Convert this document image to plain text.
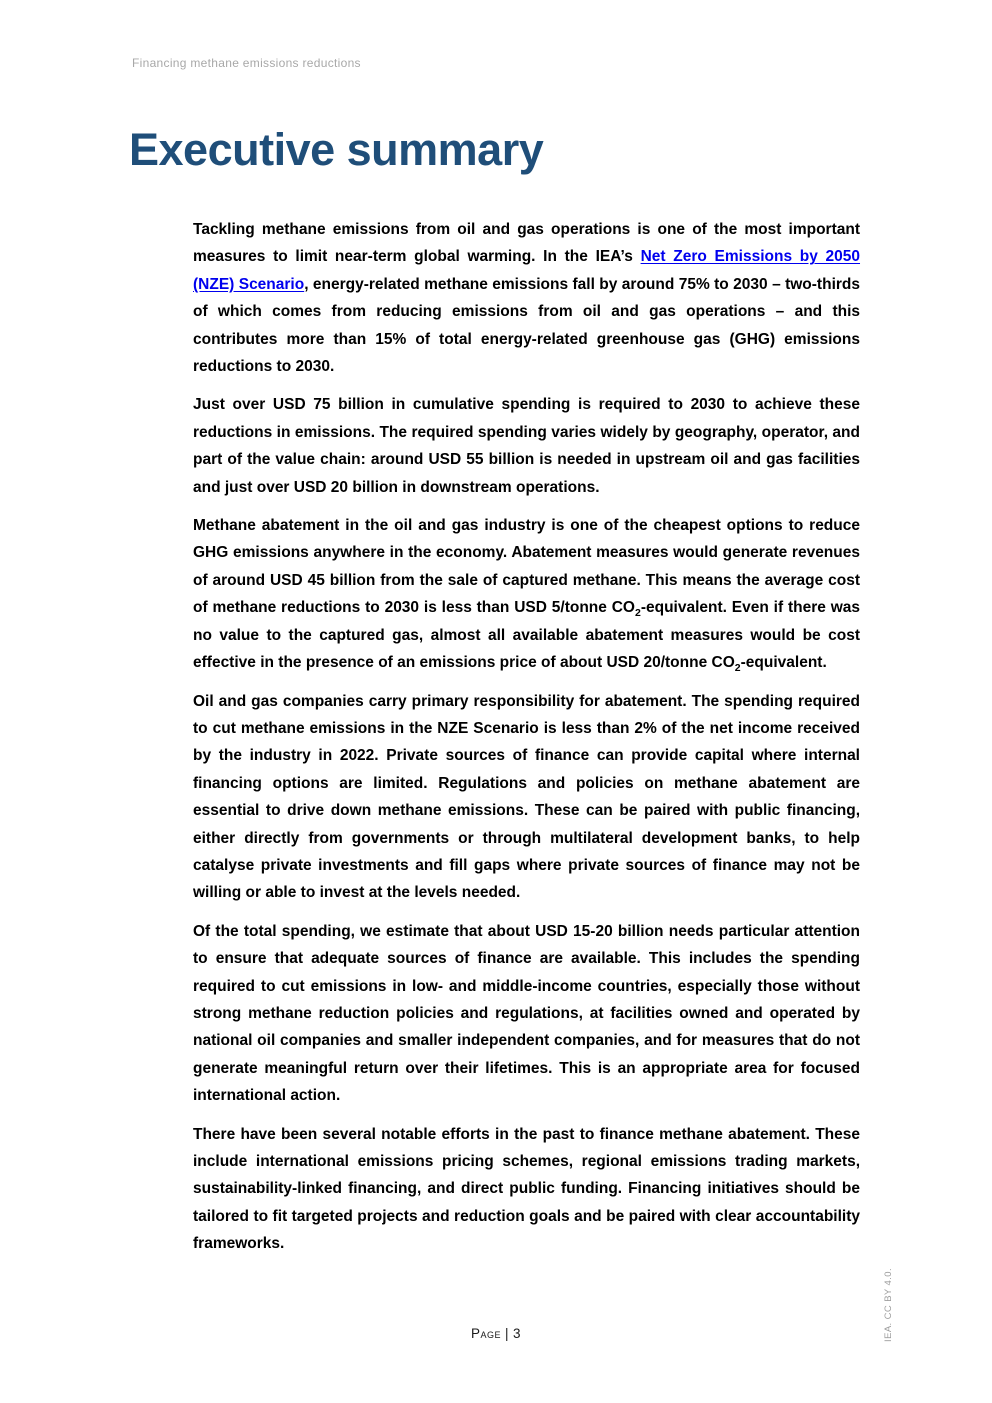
Financing methane emissions reductions
Executive summary

Tackling methane emissions from oil and gas operations is one of the most important measures to limit near-term global warming. In the IEA’s Net Zero Emissions by 2050 (NZE) Scenario, energy-related methane emissions fall by around 75% to 2030 – two-thirds of which comes from reducing emissions from oil and gas operations – and this contributes more than 15% of total energy-related greenhouse gas (GHG) emissions reductions to 2030.

Just over USD 75 billion in cumulative spending is required to 2030 to achieve these reductions in emissions. The required spending varies widely by geography, operator, and part of the value chain: around USD 55 billion is needed in upstream oil and gas facilities and just over USD 20 billion in downstream operations.

Methane abatement in the oil and gas industry is one of the cheapest options to reduce GHG emissions anywhere in the economy. Abatement measures would generate revenues of around USD 45 billion from the sale of captured methane. This means the average cost of methane reductions to 2030 is less than USD 5/tonne $CO_2$-equivalent. Even if there was no value to the captured gas, almost all available abatement measures would be cost effective in the presence of an emissions price of about USD 20/tonne $CO_2$-equivalent.

Oil and gas companies carry primary responsibility for abatement. The spending required to cut methane emissions in the NZE Scenario is less than 2% of the net income received by the industry in 2022. Private sources of finance can provide capital where internal financing options are limited. Regulations and policies on methane abatement are essential to drive down methane emissions. These can be paired with public financing, either directly from governments or through multilateral development banks, to help catalyse private investments and fill gaps where private sources of finance may not be willing or able to invest at the levels needed.

Of the total spending, we estimate that about USD 15-20 billion needs particular attention to ensure that adequate sources of finance are available. This includes the spending required to cut emissions in low- and middle-income countries, especially those without strong methane reduction policies and regulations, at facilities owned and operated by national oil companies and smaller independent companies, and for measures that do not generate meaningful return over their lifetimes. This is an appropriate area for focused international action.

There have been several notable efforts in the past to finance methane abatement. These include international emissions pricing schemes, regional emissions trading markets, sustainability-linked financing, and direct public funding. Financing initiatives should be tailored to fit targeted projects and reduction goals and be paired with clear accountability frameworks.

Page | 3	IEA. CC BY 4.0.
